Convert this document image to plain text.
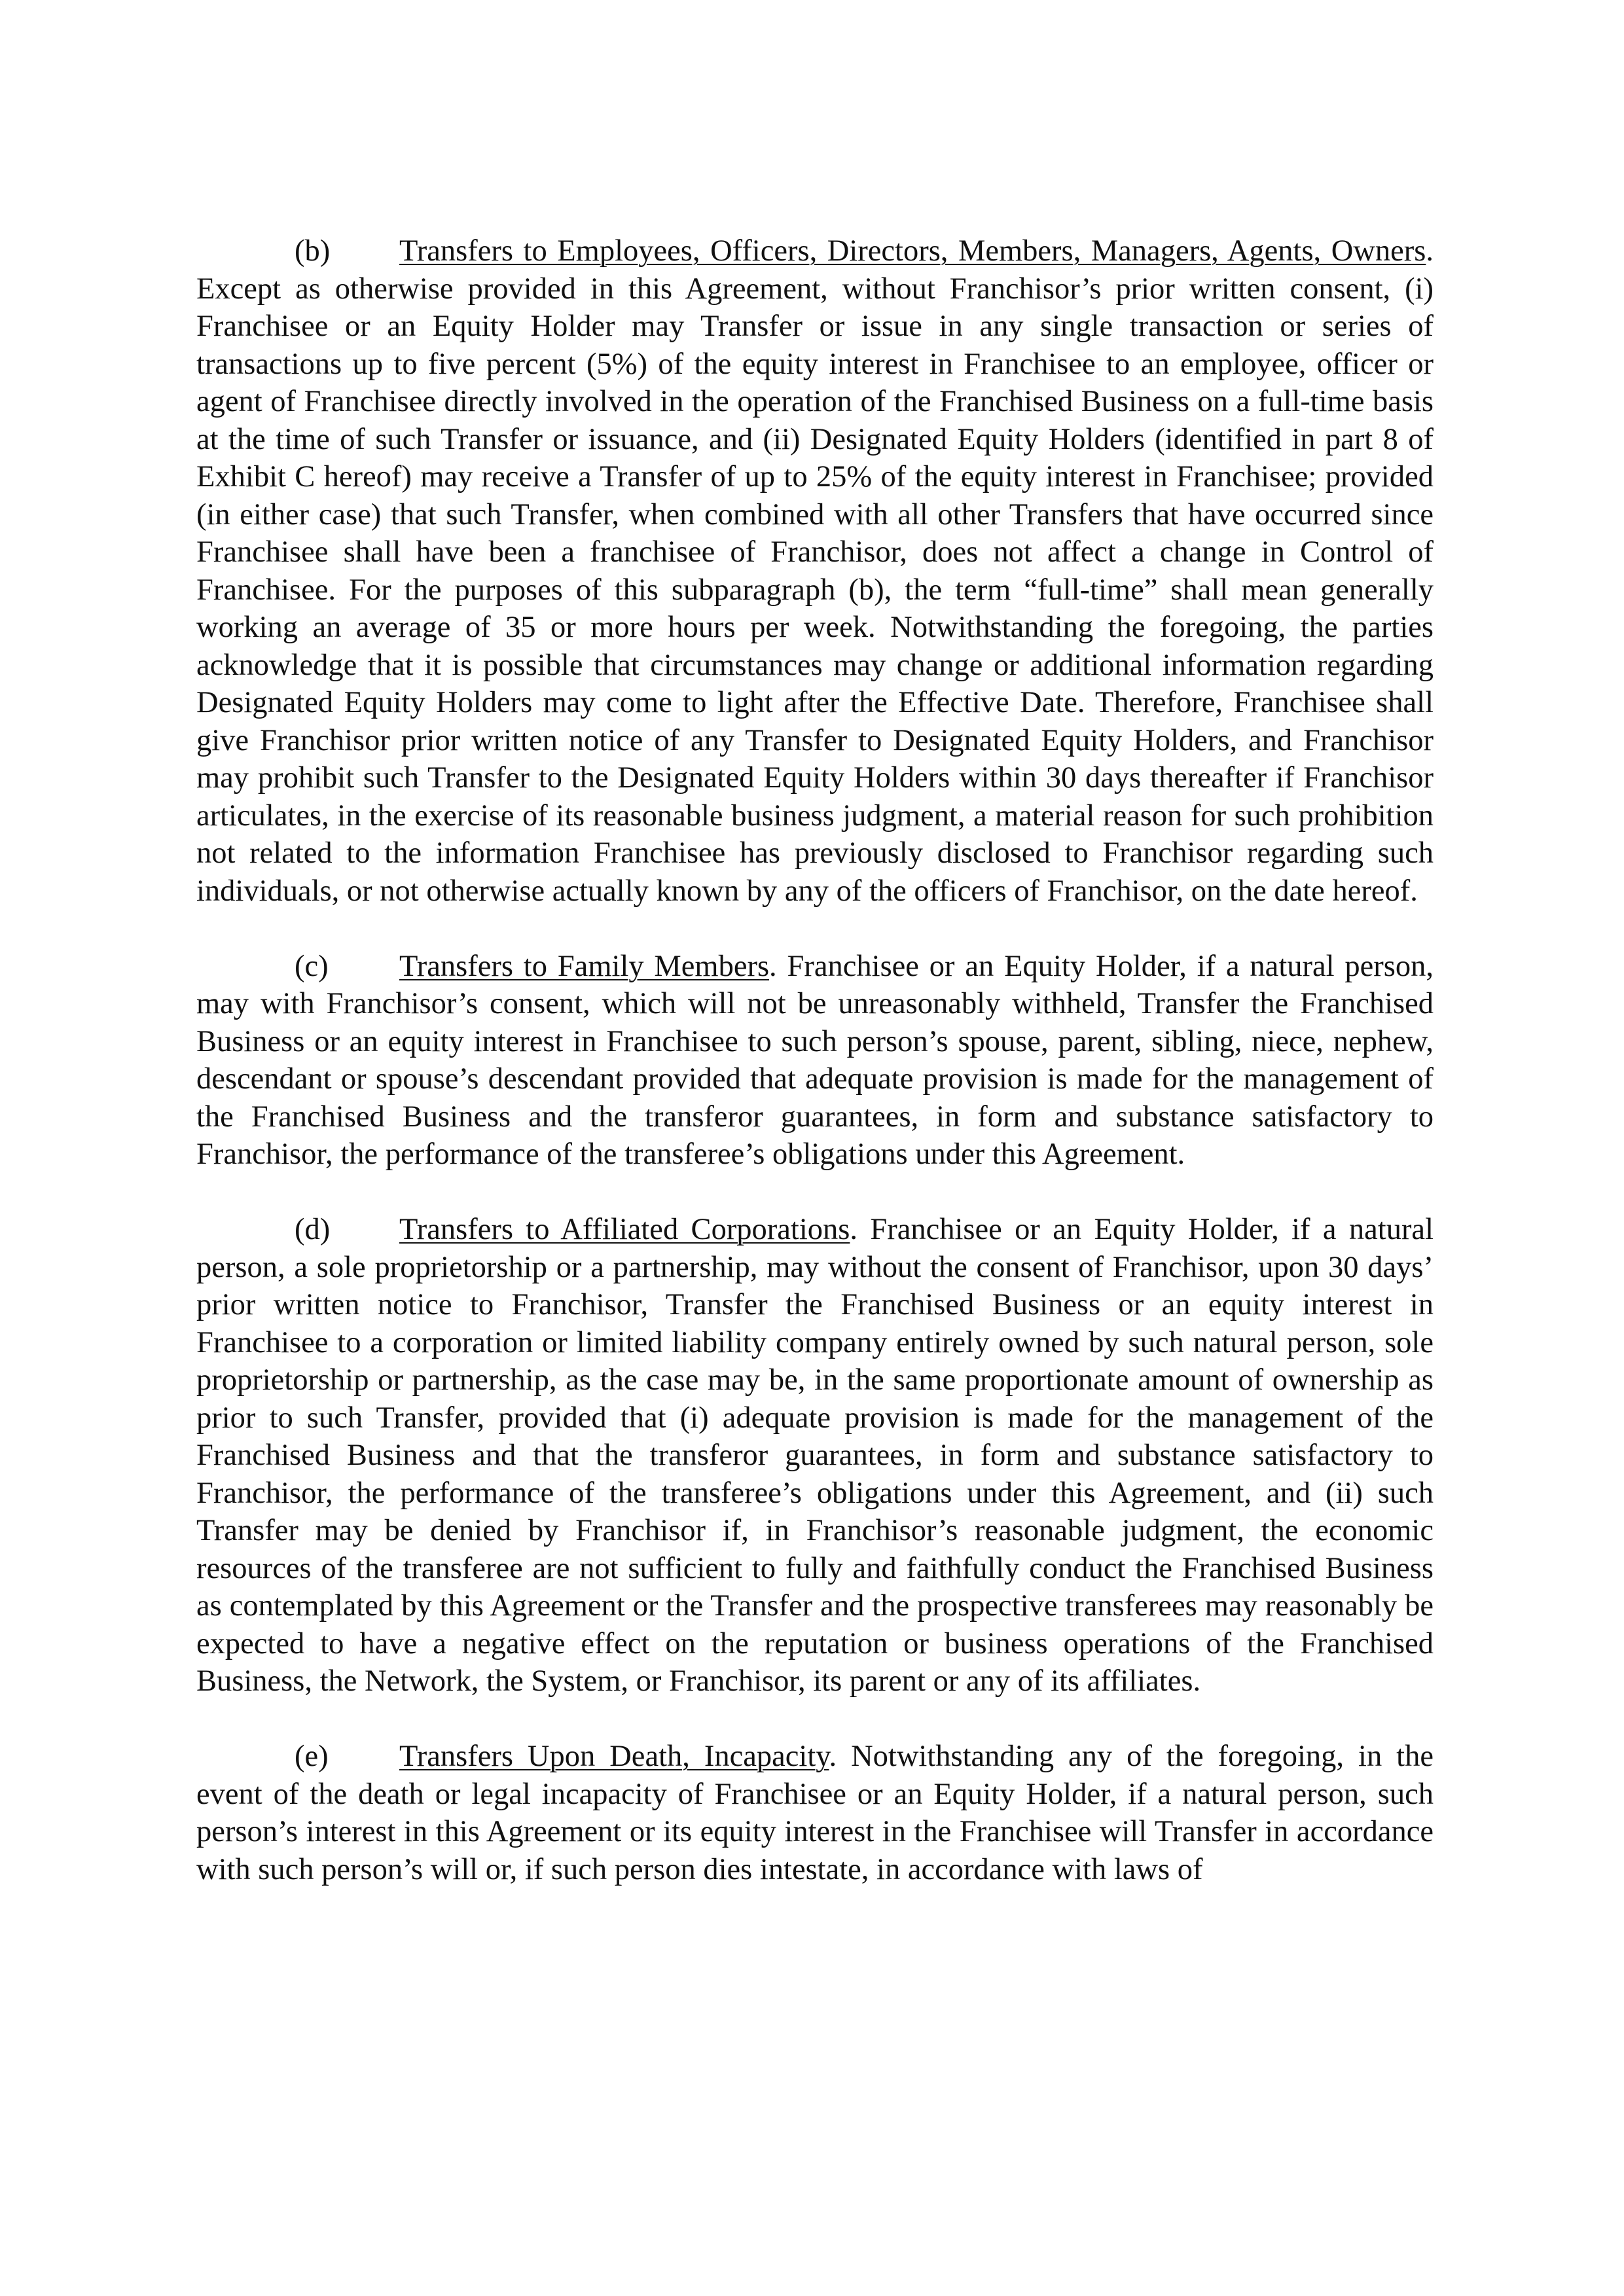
(b) Transfers to Employees, Officers, Directors, Members, Managers, Agents, Owners. Except as otherwise provided in this Agreement, without Franchisor’s prior written consent, (i) Franchisee or an Equity Holder may Transfer or issue in any single transaction or series of transactions up to five percent (5%) of the equity interest in Franchisee to an employee, officer or agent of Franchisee directly involved in the operation of the Franchised Business on a full-time basis at the time of such Transfer or issuance, and (ii) Designated Equity Holders (identified in part 8 of Exhibit C hereof) may receive a Transfer of up to 25% of the equity interest in Franchisee; provided (in either case) that such Transfer, when combined with all other Transfers that have occurred since Franchisee shall have been a franchisee of Franchisor, does not affect a change in Control of Franchisee. For the purposes of this subparagraph (b), the term “full-time” shall mean generally working an average of 35 or more hours per week. Notwithstanding the foregoing, the parties acknowledge that it is possible that circumstances may change or additional information regarding Designated Equity Holders may come to light after the Effective Date. Therefore, Franchisee shall give Franchisor prior written notice of any Transfer to Designated Equity Holders, and Franchisor may prohibit such Transfer to the Designated Equity Holders within 30 days thereafter if Franchisor articulates, in the exercise of its reasonable business judgment, a material reason for such prohibition not related to the information Franchisee has previously disclosed to Franchisor regarding such individuals, or not otherwise actually known by any of the officers of Franchisor, on the date hereof.

(c) Transfers to Family Members. Franchisee or an Equity Holder, if a natural person, may with Franchisor’s consent, which will not be unreasonably withheld, Transfer the Franchised Business or an equity interest in Franchisee to such person’s spouse, parent, sibling, niece, nephew, descendant or spouse’s descendant provided that adequate provision is made for the management of the Franchised Business and the transferor guarantees, in form and substance satisfactory to Franchisor, the performance of the transferee’s obligations under this Agreement.

(d) Transfers to Affiliated Corporations. Franchisee or an Equity Holder, if a natural person, a sole proprietorship or a partnership, may without the consent of Franchisor, upon 30 days’ prior written notice to Franchisor, Transfer the Franchised Business or an equity interest in Franchisee to a corporation or limited liability company entirely owned by such natural person, sole proprietorship or partnership, as the case may be, in the same proportionate amount of ownership as prior to such Transfer, provided that (i) adequate provision is made for the management of the Franchised Business and that the transferor guarantees, in form and substance satisfactory to Franchisor, the performance of the transferee’s obligations under this Agreement, and (ii) such Transfer may be denied by Franchisor if, in Franchisor’s reasonable judgment, the economic resources of the transferee are not sufficient to fully and faithfully conduct the Franchised Business as contemplated by this Agreement or the Transfer and the prospective transferees may reasonably be expected to have a negative effect on the reputation or business operations of the Franchised Business, the Network, the System, or Franchisor, its parent or any of its affiliates.

(e) Transfers Upon Death, Incapacity. Notwithstanding any of the foregoing, in the event of the death or legal incapacity of Franchisee or an Equity Holder, if a natural person, such person’s interest in this Agreement or its equity interest in the Franchisee will Transfer in accordance with such person’s will or, if such person dies intestate, in accordance with laws of
